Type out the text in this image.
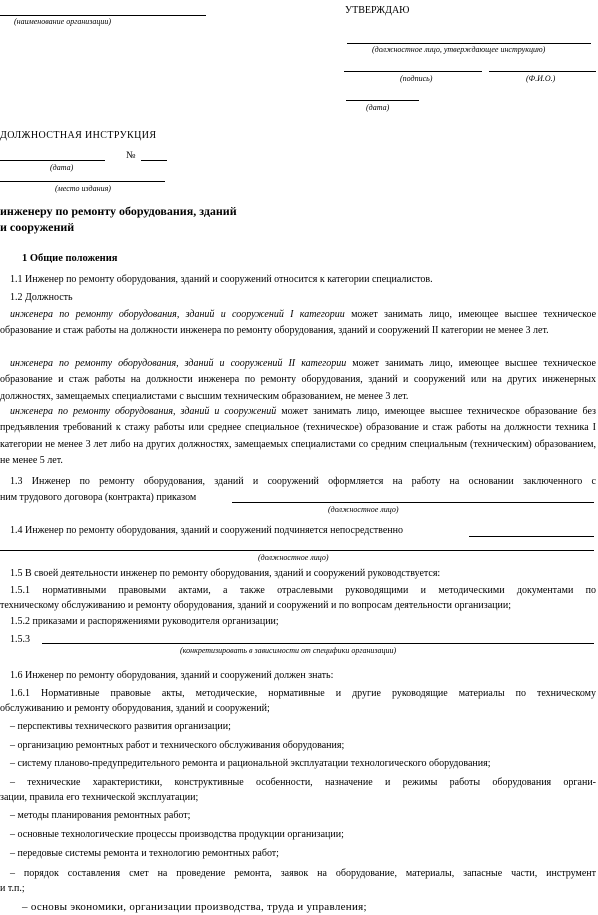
(наименование организации)
УТВЕРЖДАЮ
(должностное лицо, утверждающее инструкцию)
(подпись)	(Ф.И.О.)
(дата)
ДОЛЖНОСТНАЯ ИНСТРУКЦИЯ
№
(дата)
(место издания)
инженеру по ремонту оборудования, зданий
и сооружений
1 Общие положения
1.1 Инженер по ремонту оборудования, зданий и сооружений относится к категории специалистов.
1.2 Должность
инженера по ремонту оборудования, зданий и сооружений I категории может занимать лицо, имеющее высшее техническое образование и стаж работы на должности инженера по ремонту оборудования, зданий и сооружений II категории не менее 3 лет.
инженера по ремонту оборудования, зданий и сооружений II категории может занимать лицо, имеющее высшее техническое образование и стаж работы на должности инженера по ремонту оборудования, зданий и сооружений или на других инженерных должностях, замещаемых специалистами с высшим техническим образованием, не менее 3 лет.
инженера по ремонту оборудования, зданий и сооружений может занимать лицо, имеющее высшее техническое образование без предъявления требований к стажу работы или среднее специальное (техническое) образование и стаж работы на должности техника I категории не менее 3 лет либо на других должностях, замещаемых специалистами со средним специальным (техническим) образованием, не менее 5 лет.
1.3 Инженер по ремонту оборудования, зданий и сооружений оформляется на работу на основании заключенного с
ним трудового договора (контракта) приказом
(должностное лицо)
1.4 Инженер по ремонту оборудования, зданий и сооружений подчиняется непосредственно
(должностное лицо)
1.5 В своей деятельности инженер по ремонту оборудования, зданий и сооружений руководствуется:
1.5.1 нормативными правовыми актами, а также отраслевыми руководящими и методическими документами по
техническому обслуживанию и ремонту оборудования, зданий и сооружений и по вопросам деятельности организации;
1.5.2 приказами и распоряжениями руководителя организации;
1.5.3
(конкретизировать в зависимости от специфики организации)
1.6 Инженер по ремонту оборудования, зданий и сооружений должен знать:
1.6.1 Нормативные правовые акты, методические, нормативные и другие руководящие материалы по техническому
обслуживанию и ремонту оборудования, зданий и сооружений;
– перспективы технического развития организации;
– организацию ремонтных работ и технического обслуживания оборудования;
– систему планово-предупредительного ремонта и рациональной эксплуатации технологического оборудования;
– технические характеристики, конструктивные особенности, назначение и режимы работы оборудования органи-
зации, правила его технической эксплуатации;
– методы планирования ремонтных работ;
– основные технологические процессы производства продукции организации;
– передовые системы ремонта и технологию ремонтных работ;
– порядок составления смет на проведение ремонта, заявок на оборудование, материалы, запасные части, инструмент
и т.п.;
– основы экономики, организации производства, труда и управления;
